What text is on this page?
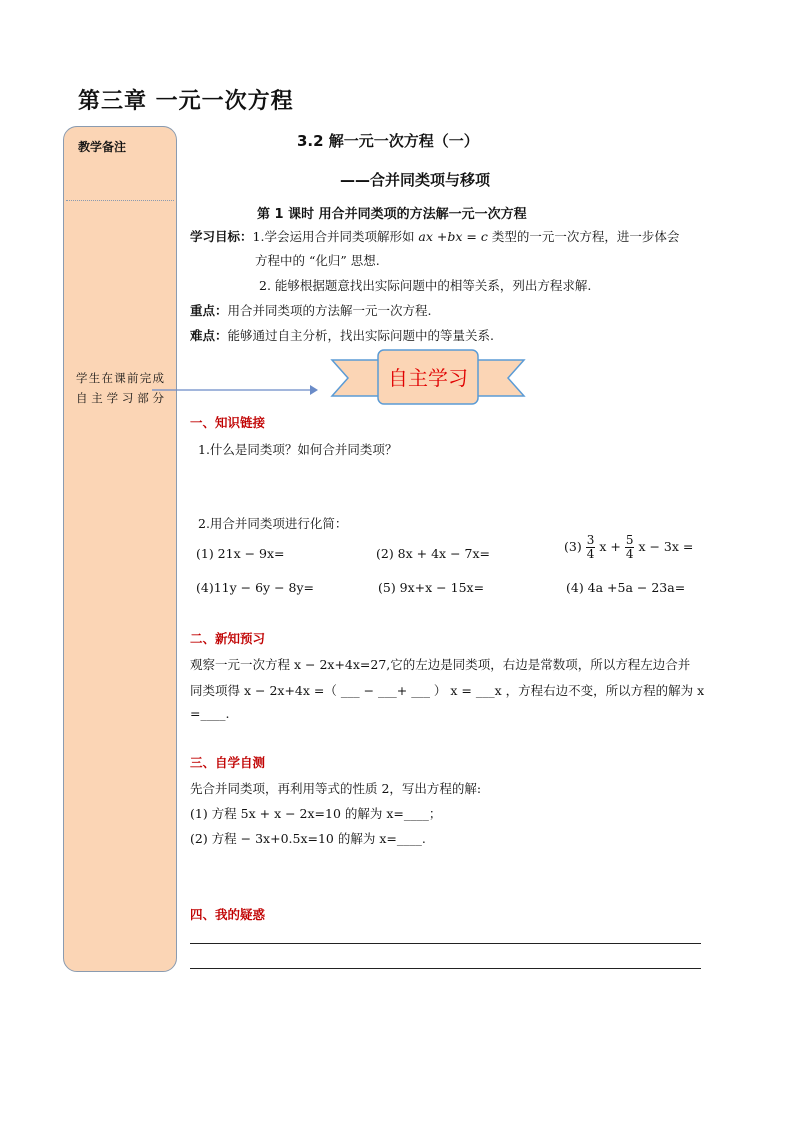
第三章 一元一次方程
教学备注
学生在课前完成自主学习部分
3.2 解一元一次方程（一）
——合并同类项与移项
第 1 课时 用合并同类项的方法解一元一次方程
学习目标：1.学会运用合并同类项解形如 ax +bx = c 类型的一元一次方程，进一步体会
方程中的 “化归” 思想.
2. 能够根据题意找出实际问题中的相等关系，列出方程求解.
重点：用合并同类项的方法解一元一次方程.
难点：能够通过自主分析，找出实际问题中的等量关系.
自主学习
一、知识链接
1.什么是同类项？如何合并同类项？
2.用合并同类项进行化简：
(1) 21x − 9x=	(2) 8x + 4x − 7x=	$(3) \frac{3}{4}$ $x + \frac{5}{4}$ x − 3x =
(4)11y − 6y − 8y=	(5) 9x+x − 15x=	(4) 4a +5a − 23a=
二、新知预习
观察一元一次方程 x − 2x+4x=27,它的左边是同类项，右边是常数项，所以方程左边合并
同类项得 x − 2x+4x =（ ___ − ___+ ___ ） x = ___x ，方程右边不变，所以方程的解为 x
=____.
三、自学自测
先合并同类项，再利用等式的性质 2，写出方程的解:
(1) 方程 5x + x − 2x=10 的解为 x=____；
(2) 方程 − 3x+0.5x=10 的解为 x=____.
四、我的疑惑
